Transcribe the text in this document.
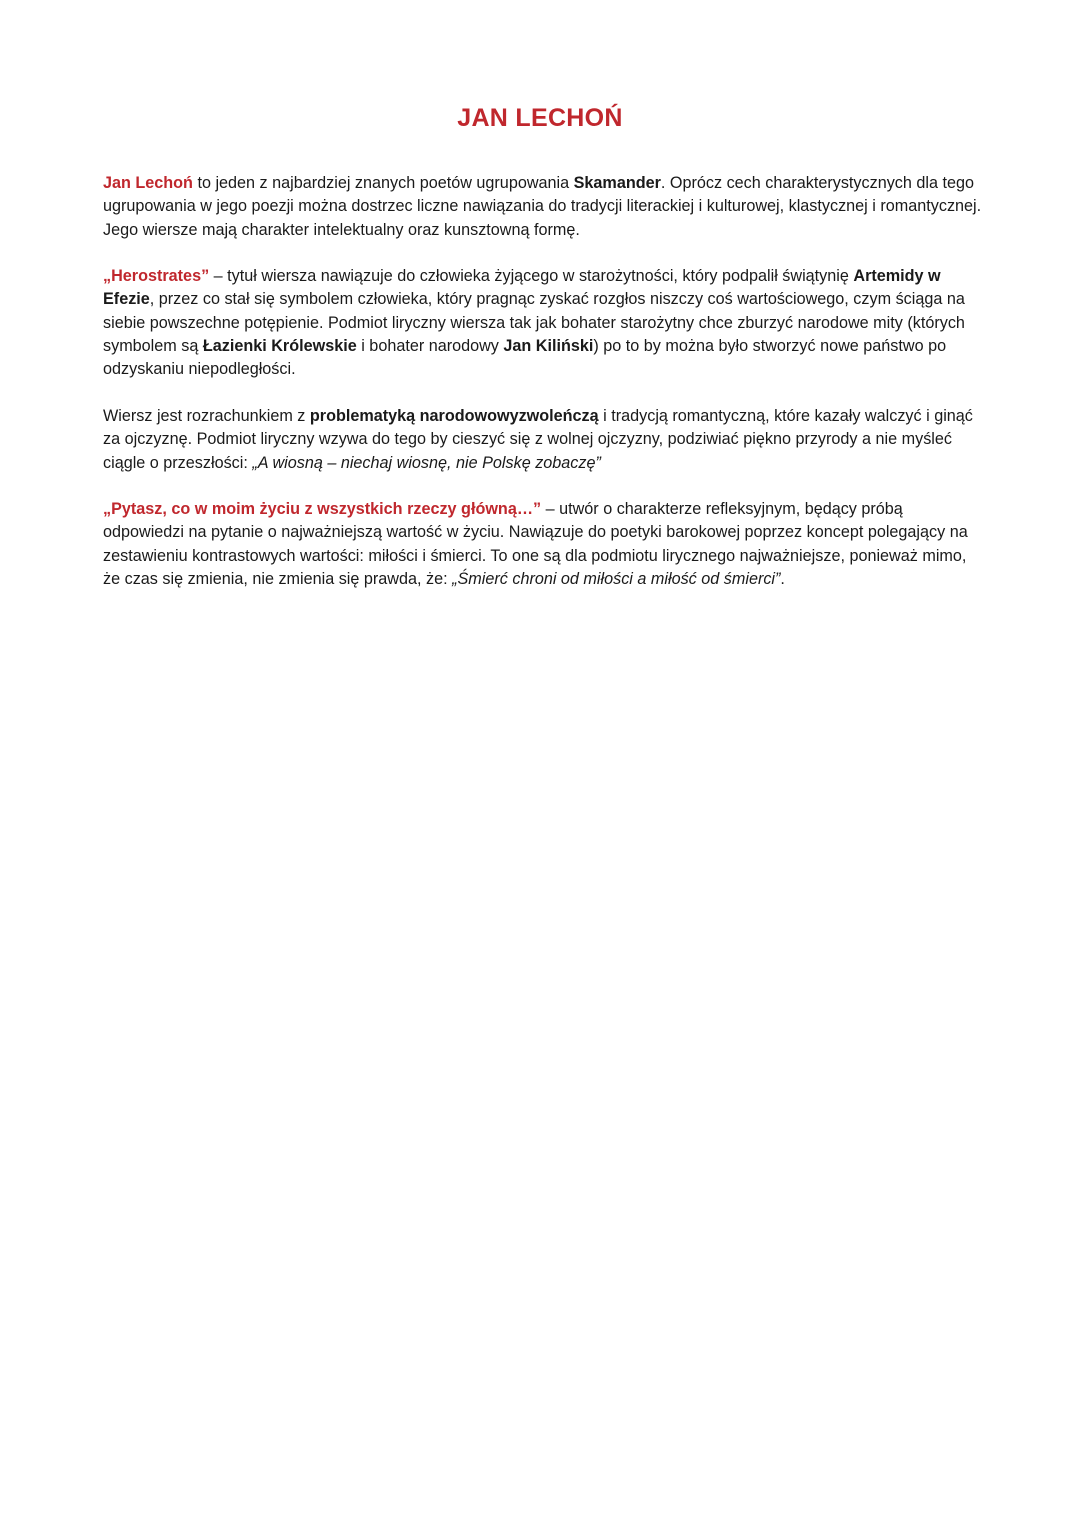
JAN LECHOŃ

Jan Lechoń to jeden z najbardziej znanych poetów ugrupowania Skamander. Oprócz cech charakterystycznych dla tego ugrupowania w jego poezji można dostrzec liczne nawiązania do tradycji literackiej i kulturowej, klastycznej i romantycznej. Jego wiersze mają charakter intelektualny oraz kunsztowną formę.

„Herostrates” – tytuł wiersza nawiązuje do człowieka żyjącego w starożytności, który podpalił świątynię Artemidy w Efezie, przez co stał się symbolem człowieka, który pragnąc zyskać rozgłos niszczy coś wartościowego, czym ściąga na siebie powszechne potępienie. Podmiot liryczny wiersza tak jak bohater starożytny chce zburzyć narodowe mity (których symbolem są Łazienki Królewskie i bohater narodowy Jan Kiliński) po to by można było stworzyć nowe państwo po odzyskaniu niepodległości.

Wiersz jest rozrachunkiem z problematyką narodowowyzwoleńczą i tradycją romantyczną, które kazały walczyć i ginąć za ojczyznę. Podmiot liryczny wzywa do tego by cieszyć się z wolnej ojczyzny, podziwiać piękno przyrody a nie myśleć ciągle o przeszłości: „A wiosną – niechaj wiosnę, nie Polskę zobaczę”

„Pytasz, co w moim życiu z wszystkich rzeczy główną…” – utwór o charakterze refleksyjnym, będący próbą odpowiedzi na pytanie o najważniejszą wartość w życiu. Nawiązuje do poetyki barokowej poprzez koncept polegający na zestawieniu kontrastowych wartości: miłości i śmierci. To one są dla podmiotu lirycznego najważniejsze, ponieważ mimo, że czas się zmienia, nie zmienia się prawda, że: „Śmierć chroni od miłości a miłość od śmierci”.
